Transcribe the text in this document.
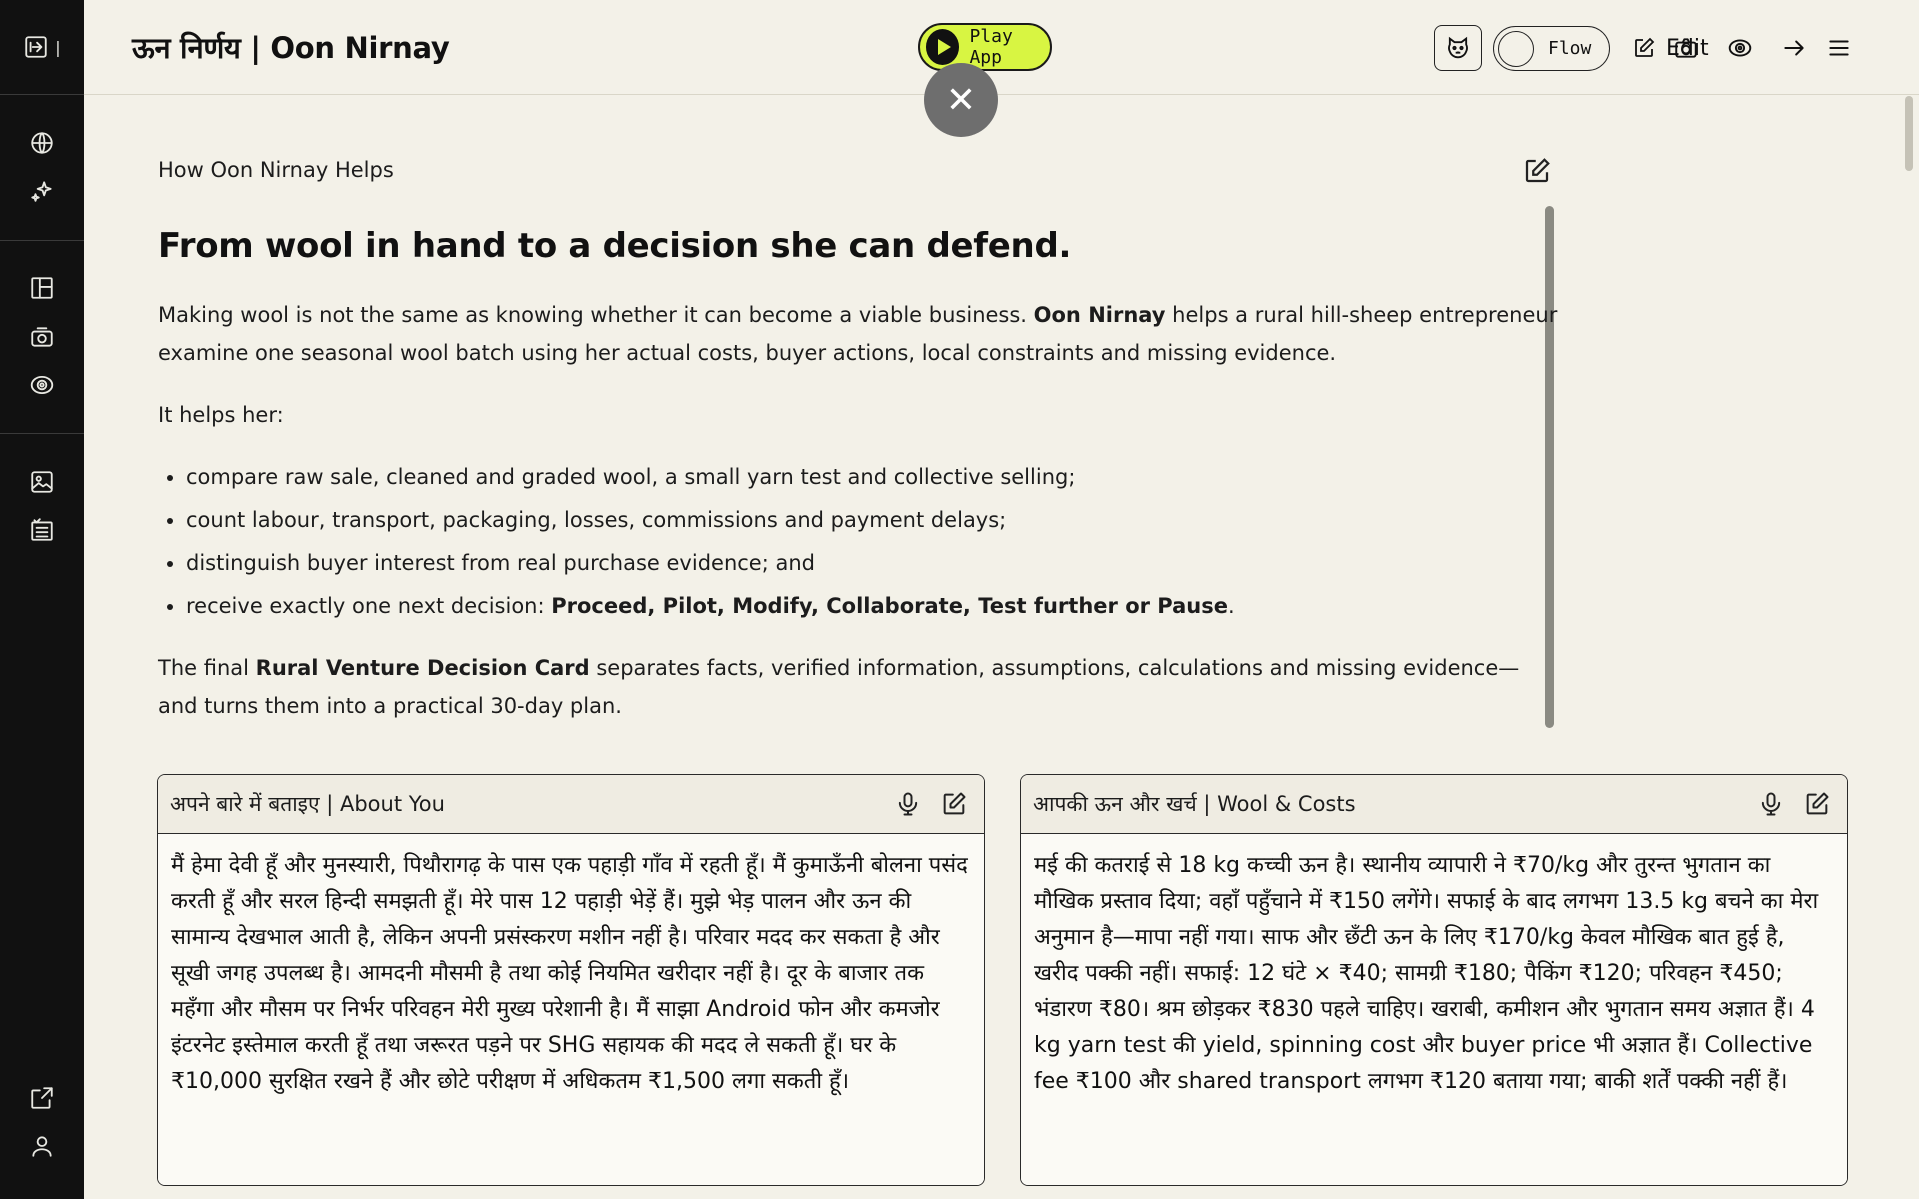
| ऊन निर्णय | Oon Nirnay	Play App	Flow	Edit
✕
How Oon Nirnay Helps
From wool in hand to a decision she can defend.

Making wool is not the same as knowing whether it can become a viable business. Oon Nirnay helps a rural hill-sheep entrepreneur examine one seasonal wool batch using her actual costs, buyer actions, local constraints and missing evidence.

It helps her:

• compare raw sale, cleaned and graded wool, a small yarn test and collective selling;
• count labour, transport, packaging, losses, commissions and payment delays;
• distinguish buyer interest from real purchase evidence; and
• receive exactly one next decision: Proceed, Pilot, Modify, Collaborate, Test further or Pause.

The final Rural Venture Decision Card separates facts, verified information, assumptions, calculations and missing evidence—and turns them into a practical 30-day plan.

अपने बारे में बताइए | About You
मैं हेमा देवी हूँ और मुनस्यारी, पिथौरागढ़ के पास एक पहाड़ी गाँव में रहती हूँ। मैं कुमाऊँनी बोलना पसंद करती हूँ और सरल हिन्दी समझती हूँ। मेरे पास 12 पहाड़ी भेड़ें हैं। मुझे भेड़ पालन और ऊन की सामान्य देखभाल आती है, लेकिन अपनी प्रसंस्करण मशीन नहीं है। परिवार मदद कर सकता है और सूखी जगह उपलब्ध है। आमदनी मौसमी है तथा कोई नियमित खरीदार नहीं है। दूर के बाजार तक महँगा और मौसम पर निर्भर परिवहन मेरी मुख्य परेशानी है। मैं साझा Android फोन और कमजोर इंटरनेट इस्तेमाल करती हूँ तथा जरूरत पड़ने पर SHG सहायक की मदद ले सकती हूँ। घर के ₹10,000 सुरक्षित रखने हैं और छोटे परीक्षण में अधिकतम ₹1,500 लगा सकती हूँ।
आपकी ऊन और खर्च | Wool & Costs
मई की कतराई से 18 kg कच्ची ऊन है। स्थानीय व्यापारी ने ₹70/kg और तुरन्त भुगतान का मौखिक प्रस्ताव दिया; वहाँ पहुँचाने में ₹150 लगेंगे। सफाई के बाद लगभग 13.5 kg बचने का मेरा अनुमान है—मापा नहीं गया। साफ और छँटी ऊन के लिए ₹170/kg केवल मौखिक बात हुई है, खरीद पक्की नहीं। सफाई: 12 घंटे × ₹40; सामग्री ₹180; पैकिंग ₹120; परिवहन ₹450; भंडारण ₹80। श्रम छोड़कर ₹830 पहले चाहिए। खराबी, कमीशन और भुगतान समय अज्ञात हैं। 4 kg yarn test की yield, spinning cost और buyer price भी अज्ञात हैं। Collective fee ₹100 और shared transport लगभग ₹120 बताया गया; बाकी शर्तें पक्की नहीं हैं।
